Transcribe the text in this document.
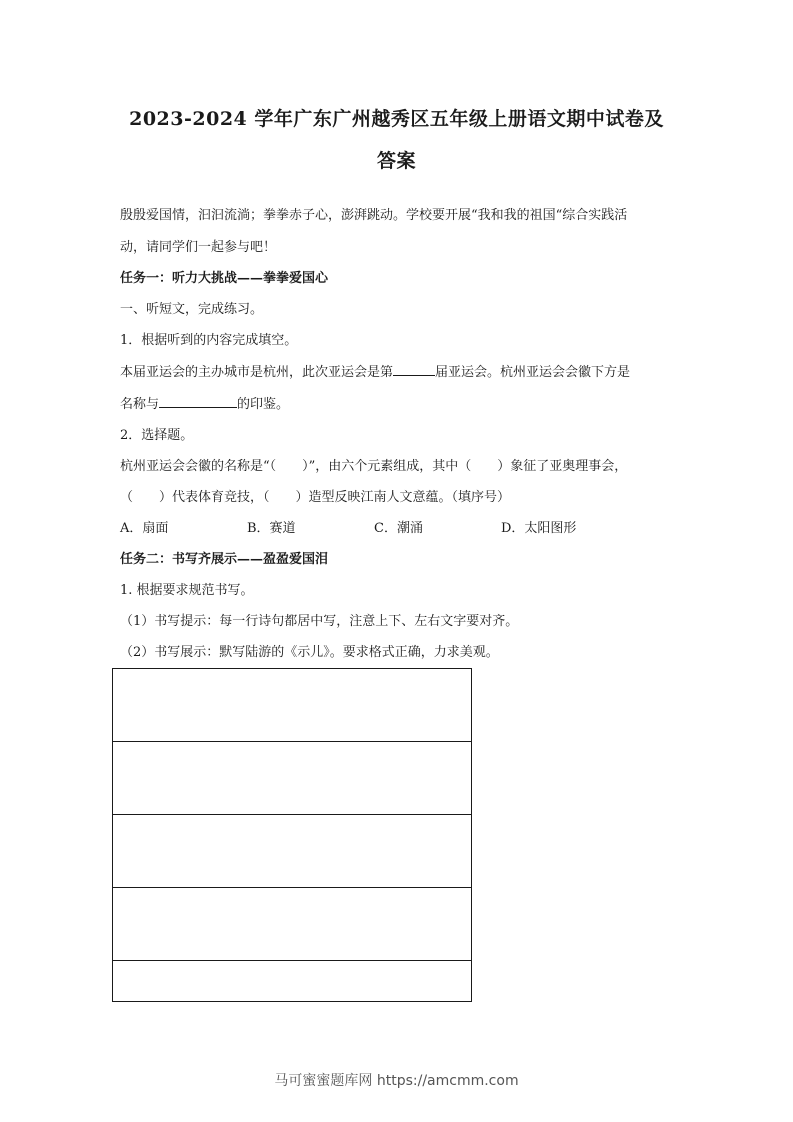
2023-2024 学年广东广州越秀区五年级上册语文期中试卷及
答案
殷殷爱国情，汩汩流淌；拳拳赤子心，澎湃跳动。学校要开展“我和我的祖国“综合实践活
动，请同学们一起参与吧！
任务一：听力大挑战——拳拳爱国心
一、听短文，完成练习。
1．根据听到的内容完成填空。
本届亚运会的主办城市是杭州，此次亚运会是第	届亚运会。杭州亚运会会徽下方是
名称与	的印鉴。
2．选择题。
杭州亚运会会徽的名称是“（　　）”，由六个元素组成，其中（　　）象征了亚奥理事会，
（　　）代表体育竞技，（　　）造型反映江南人文意蕴。（填序号）
A．扇面	B．赛道	C．潮涌	D．太阳图形
任务二：书写齐展示——盈盈爱国泪
1. 根据要求规范书写。
（1）书写提示：每一行诗句都居中写，注意上下、左右文字要对齐。
（2）书写展示：默写陆游的《示儿》。要求格式正确，力求美观。
马可蜜蜜题库网 https://amcmm.com
